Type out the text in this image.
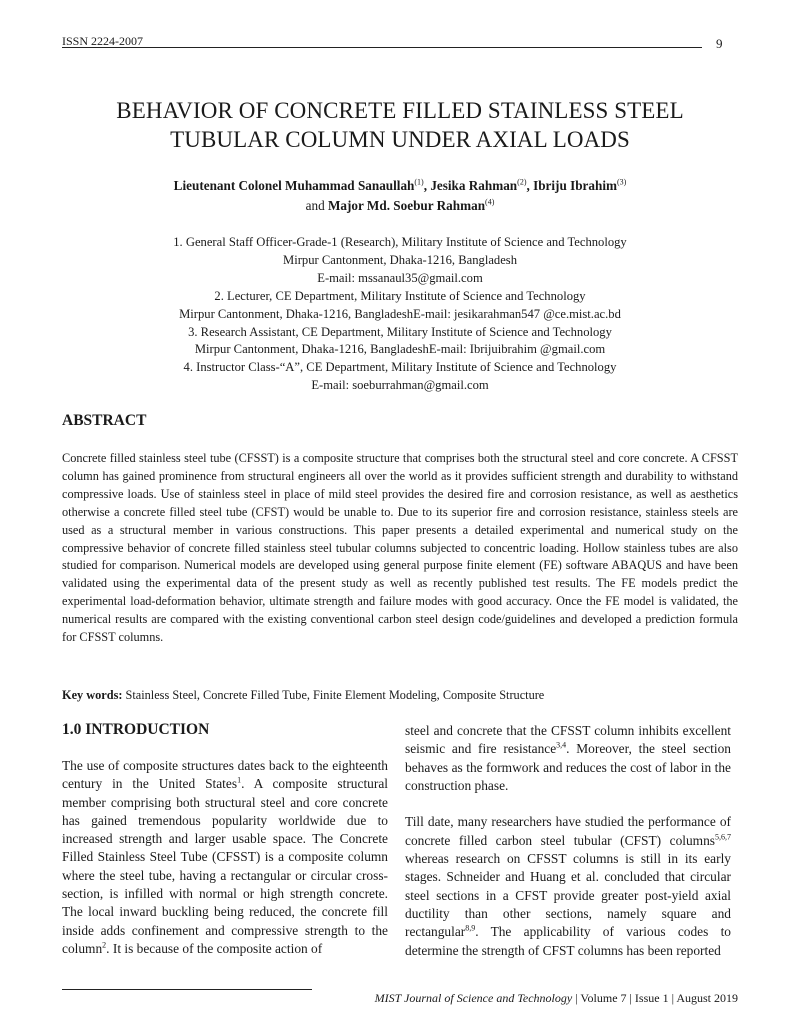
ISSN 2224-2007	9
BEHAVIOR OF CONCRETE FILLED STAINLESS STEEL
TUBULAR COLUMN UNDER AXIAL LOADS
Lieutenant Colonel Muhammad Sanaullah$^{(1)}$, Jesika Rahman$^{(2)}$, Ibriju Ibrahim$^{(3)}$
and Major Md. Soebur Rahman$^{(4)}$
1. General Staff Officer-Grade-1 (Research), Military Institute of Science and Technology
Mirpur Cantonment, Dhaka-1216, Bangladesh
E-mail: mssanaul35@gmail.com
2. Lecturer, CE Department, Military Institute of Science and Technology
Mirpur Cantonment, Dhaka-1216, BangladeshE-mail: jesikarahman547 @ce.mist.ac.bd
3. Research Assistant, CE Department, Military Institute of Science and Technology
Mirpur Cantonment, Dhaka-1216, BangladeshE-mail: Ibrijuibrahim @gmail.com
4. Instructor Class-“A”, CE Department, Military Institute of Science and Technology
E-mail: soeburrahman@gmail.com
ABSTRACT

Concrete filled stainless steel tube (CFSST) is a composite structure that comprises both the structural steel and core concrete. A CFSST column has gained prominence from structural engineers all over the world as it provides sufficient strength and durability to withstand compressive loads. Use of stainless steel in place of mild steel provides the desired fire and corrosion resistance, as well as aesthetics otherwise a concrete filled steel tube (CFST) would be unable to. Due to its superior fire and corrosion resistance, stainless steels are used as a structural member in various constructions. This paper presents a detailed experimental and numerical study on the compressive behavior of concrete filled stainless steel tubular columns subjected to concentric loading. Hollow stainless tubes are also studied for comparison. Numerical models are developed using general purpose finite element (FE) software ABAQUS and have been validated using the experimental data of the present study as well as recently published test results. The FE models predict the experimental load-deformation behavior, ultimate strength and failure modes with good accuracy. Once the FE model is validated, the numerical results are compared with the existing conventional carbon steel design code/guidelines and developed a prediction formula for CFSST columns.

Key words: Stainless Steel, Concrete Filled Tube, Finite Element Modeling, Composite Structure

1.0 INTRODUCTION

The use of composite structures dates back to the eighteenth century in the United States$^1$. A composite structural member comprising both structural steel and core concrete has gained tremendous popularity worldwide due to increased strength and larger usable space. The Concrete Filled Stainless Steel Tube (CFSST) is a composite column where the steel tube, having a rectangular or circular cross-section, is infilled with normal or high strength concrete. The local inward buckling being reduced, the concrete fill inside adds confinement and compressive strength to the column$^2$. It is because of the composite action of

steel and concrete that the CFSST column inhibits excellent seismic and fire resistance$^{3,4}$. Moreover, the steel section behaves as the formwork and reduces the cost of labor in the construction phase.

Till date, many researchers have studied the performance of concrete filled carbon steel tubular (CFST) columns$^{5,6,7}$ whereas research on CFSST columns is still in its early stages. Schneider and Huang et al. concluded that circular steel sections in a CFST provide greater post-yield axial ductility than other sections, namely square and rectangular$^{8,9}$. The applicability of various codes to determine the strength of CFST columns has been reported

MIST Journal of Science and Technology | Volume 7 | Issue 1 | August 2019
